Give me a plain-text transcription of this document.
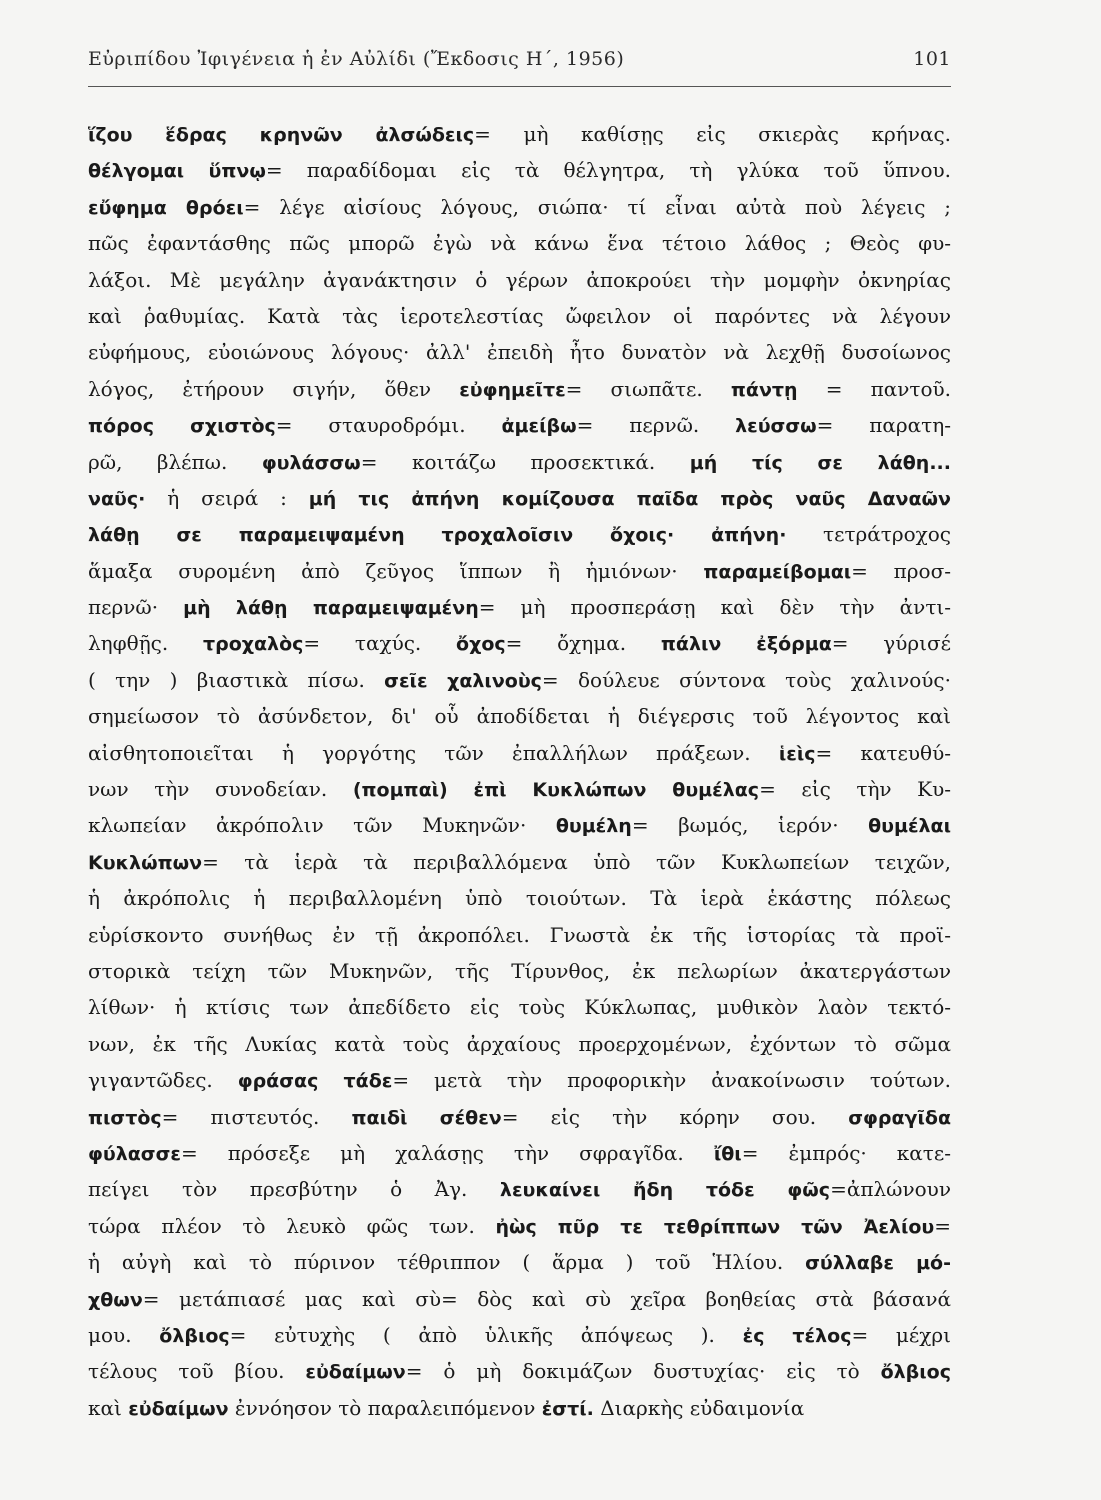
Εὐριπίδου Ἰφιγένεια ἡ ἐν Αὐλίδι (Ἔκδοσις Η΄, 1956)	101
ἵζου ἕδρας κρηνῶν ἀλσώδεις= μὴ καθίσῃς εἰς σκιερὰς κρήνας.
θέλγομαι ὕπνῳ= παραδίδομαι εἰς τὰ θέλγητρα, τὴ γλύκα τοῦ ὕπνου.
εὔφημα θρόει= λέγε αἰσίους λόγους, σιώπα· τί εἶναι αὐτὰ ποὺ λέγεις ;
πῶς ἐφαντάσθης πῶς μπορῶ ἐγὼ νὰ κάνω ἕνα τέτοιο λάθος ; Θεὸς φυ-
λάξοι. Μὲ μεγάλην ἀγανάκτησιν ὁ γέρων ἀποκρούει τὴν μομφὴν ὀκνηρίας
καὶ ῥαθυμίας. Κατὰ τὰς ἱεροτελεστίας ὤφειλον οἱ παρόντες νὰ λέγουν
εὐφήμους, εὐοιώνους λόγους· ἀλλ' ἐπειδὴ ἦτο δυνατὸν νὰ λεχθῇ δυσοίωνος
λόγος, ἐτήρουν σιγήν, ὅθεν εὐφημεῖτε= σιωπᾶτε. πάντῃ = παντοῦ.
πόρος σχιστὸς= σταυροδρόμι. ἀμείβω= περνῶ. λεύσσω= παρατη-
ρῶ, βλέπω. φυλάσσω= κοιτάζω προσεκτικά. μή τίς σε λάθη...
ναῦς· ἡ σειρά : μή τις ἀπήνη κομίζουσα παῖδα πρὸς ναῦς Δαναῶν
λάθῃ σε παραμειψαμένη τροχαλοῖσιν ὄχοις· ἀπήνη· τετράτροχος
ἅμαξα συρομένη ἀπὸ ζεῦγος ἵππων ἢ ἡμιόνων· παραμείβομαι= προσ-
περνῶ· μὴ λάθῃ παραμειψαμένη= μὴ προσπεράσῃ καὶ δὲν τὴν ἀντι-
ληφθῇς. τροχαλὸς= ταχύς. ὄχος= ὄχημα. πάλιν ἐξόρμα= γύρισέ
( την ) βιαστικὰ πίσω. σεῖε χαλινοὺς= δούλευε σύντονα τοὺς χαλινούς·
σημείωσον τὸ ἀσύνδετον, δι' οὗ ἀποδίδεται ἡ διέγερσις τοῦ λέγοντος καὶ
αἰσθητοποιεῖται ἡ γοργότης τῶν ἐπαλλήλων πράξεων. ἱεὶς= κατευθύ-
νων τὴν συνοδείαν. (πομπαὶ) ἐπὶ Κυκλώπων θυμέλας= εἰς τὴν Κυ-
κλωπείαν ἀκρόπολιν τῶν Μυκηνῶν· θυμέλη= βωμός, ἱερόν· θυμέλαι
Κυκλώπων= τὰ ἱερὰ τὰ περιβαλλόμενα ὑπὸ τῶν Κυκλωπείων τειχῶν,
ἡ ἀκρόπολις ἡ περιβαλλομένη ὑπὸ τοιούτων. Τὰ ἱερὰ ἑκάστης πόλεως
εὑρίσκοντο συνήθως ἐν τῇ ἀκροπόλει. Γνωστὰ ἐκ τῆς ἱστορίας τὰ προϊ-
στορικὰ τείχη τῶν Μυκηνῶν, τῆς Τίρυνθος, ἐκ πελωρίων ἀκατεργάστων
λίθων· ἡ κτίσις των ἀπεδίδετο εἰς τοὺς Κύκλωπας, μυθικὸν λαὸν τεκτό-
νων, ἐκ τῆς Λυκίας κατὰ τοὺς ἀρχαίους προερχομένων, ἐχόντων τὸ σῶμα
γιγαντῶδες. φράσας τάδε= μετὰ τὴν προφορικὴν ἀνακοίνωσιν τούτων.
πιστὸς= πιστευτός. παιδὶ σέθεν= εἰς τὴν κόρην σου. σφραγῖδα
φύλασσε= πρόσεξε μὴ χαλάσῃς τὴν σφραγῖδα. ἴθι= ἐμπρός· κατε-
πείγει τὸν πρεσβύτην ὁ Ἀγ. λευκαίνει ἤδη τόδε φῶς=ἀπλώνουν
τώρα πλέον τὸ λευκὸ φῶς των. ἠὼς πῦρ τε τεθρίππων τῶν Ἀελίου=
ἡ αὐγὴ καὶ τὸ πύρινον τέθριππον ( ἅρμα ) τοῦ Ἡλίου. σύλλαβε μό-
χθων= μετάπιασέ μας καὶ σὺ= δὸς καὶ σὺ χεῖρα βοηθείας στὰ βάσανά
μου. ὄλβιος= εὐτυχὴς ( ἀπὸ ὑλικῆς ἀπόψεως ). ἐς τέλος= μέχρι
τέλους τοῦ βίου. εὐδαίμων= ὁ μὴ δοκιμάζων δυστυχίας· εἰς τὸ ὄλβιος
καὶ εὐδαίμων ἐννόησον τὸ παραλειπόμενον ἐστί. Διαρκὴς εὐδαιμονία
